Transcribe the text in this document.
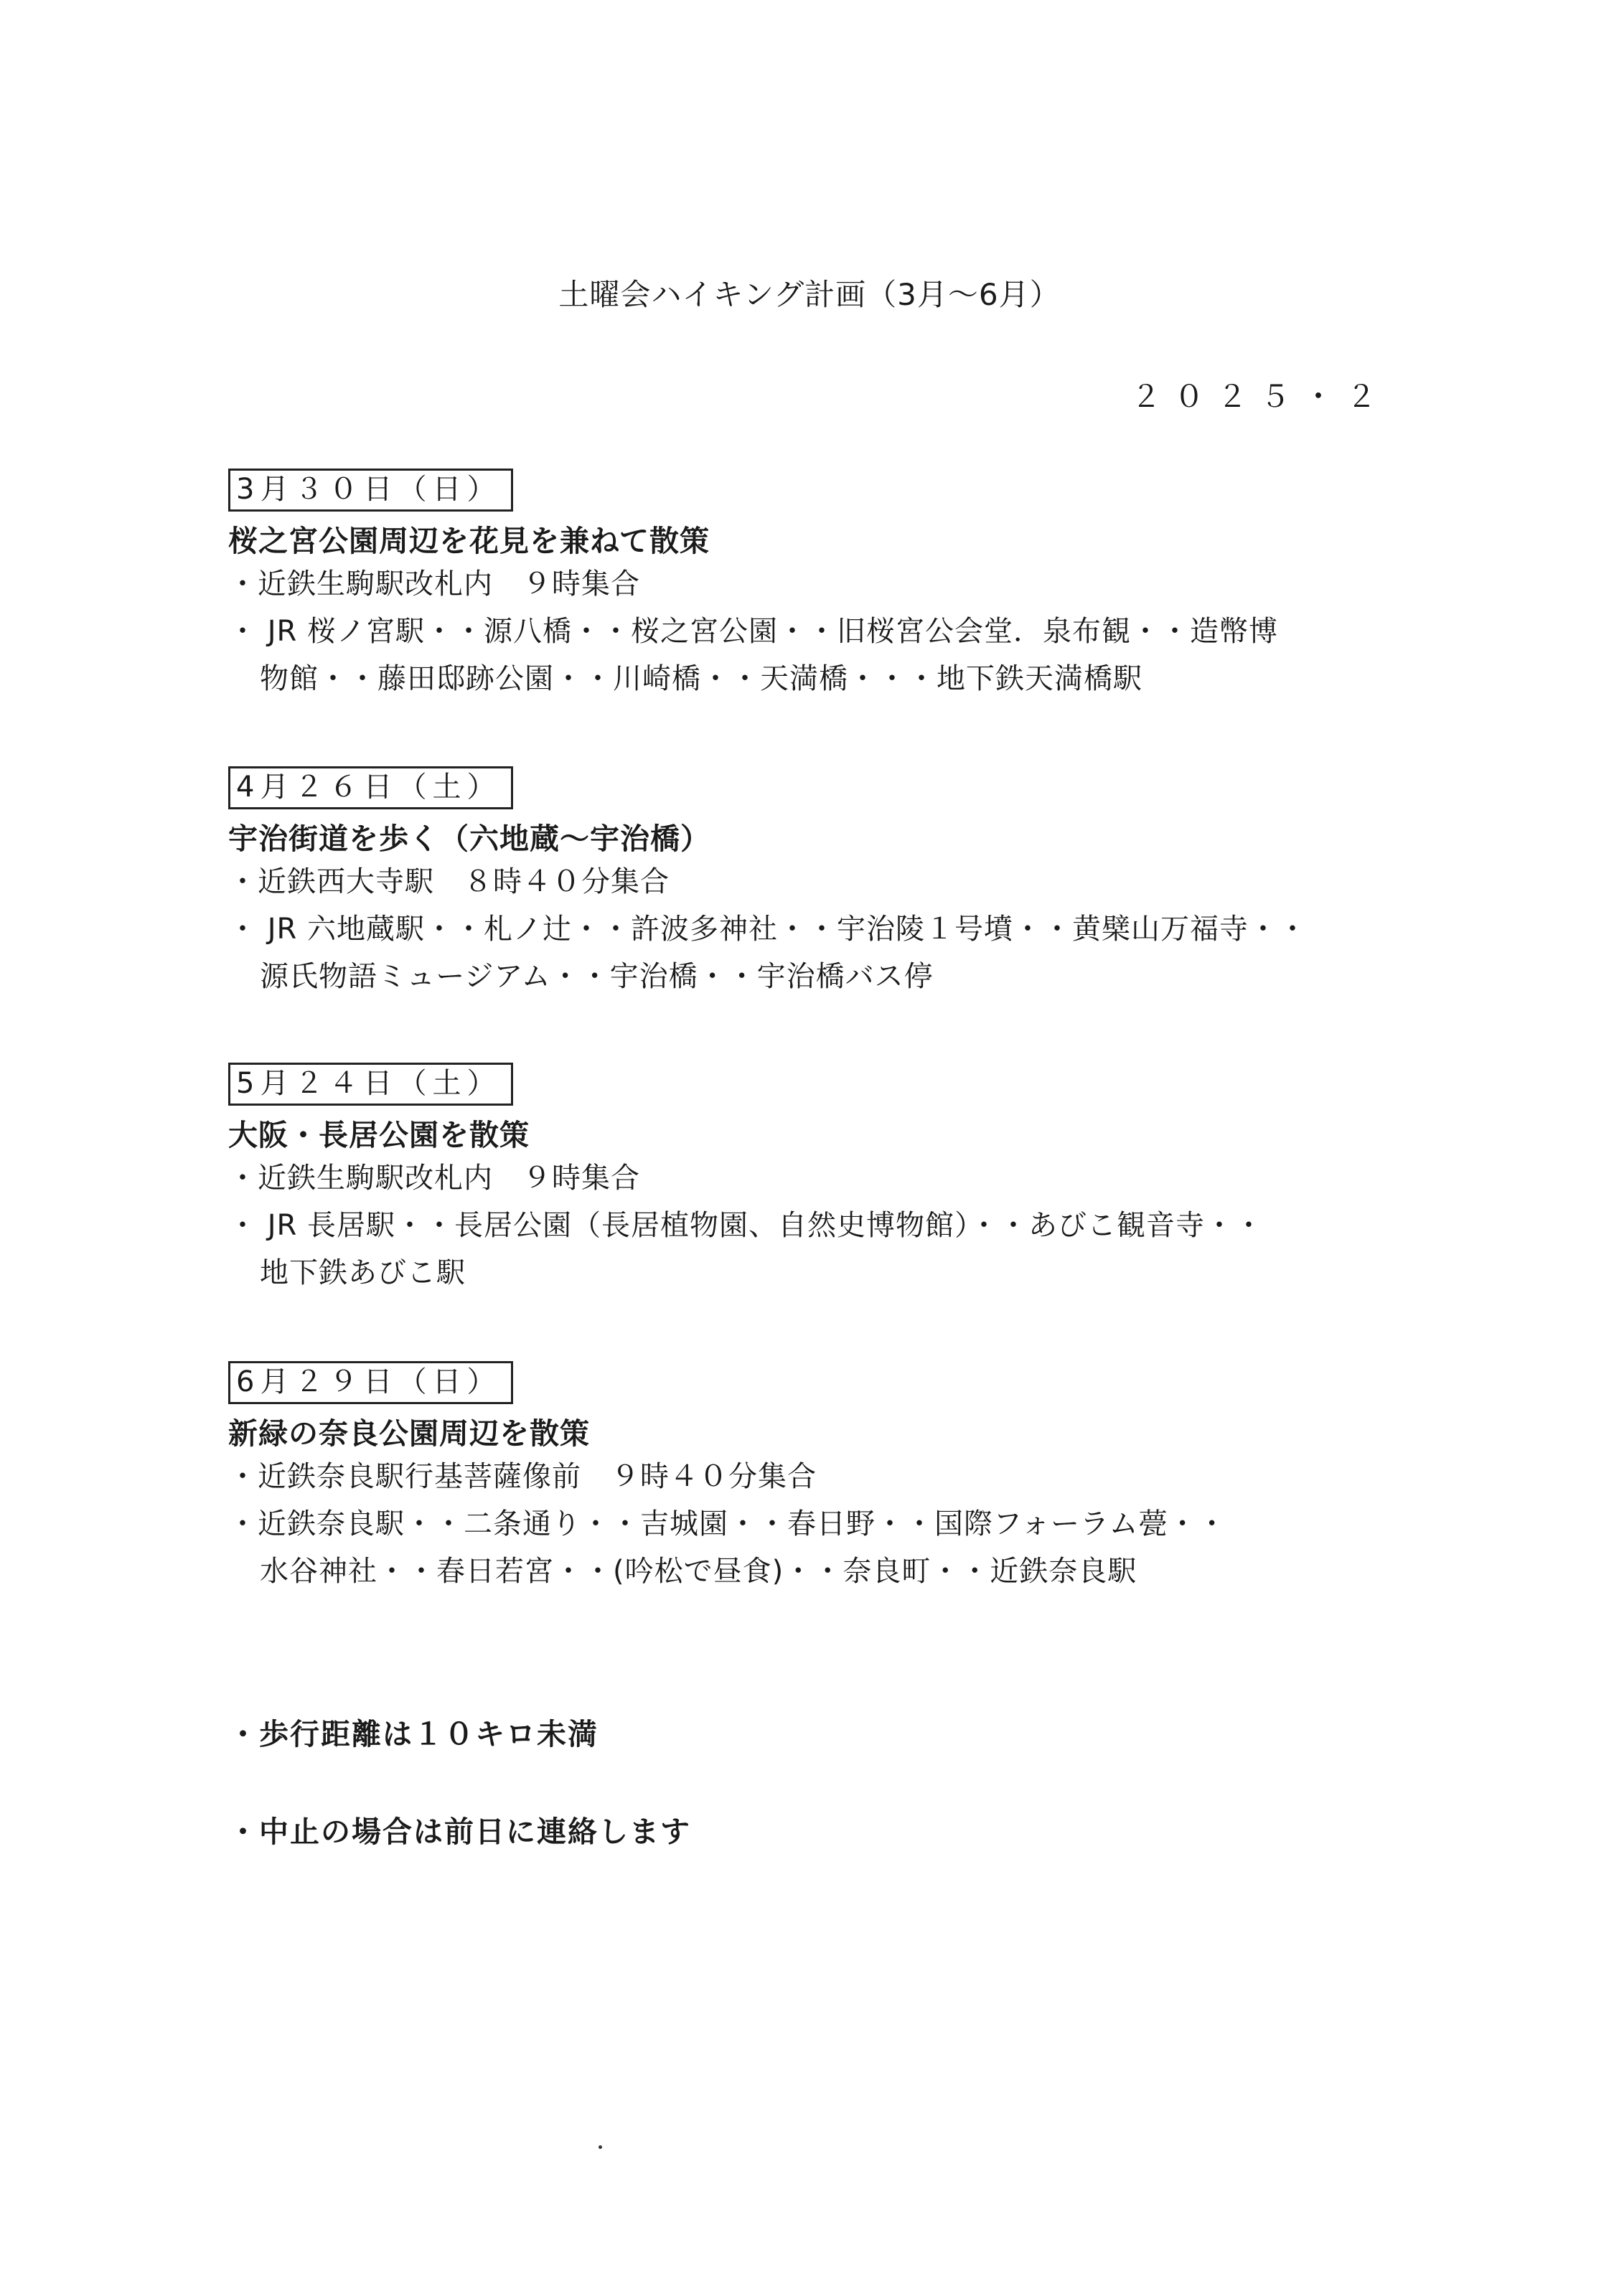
土曜会ハイキング計画（3月～6月）
２０２５・２
3月３０日（日）
桜之宮公園周辺を花見を兼ねて散策
・近鉄生駒駅改札内　９時集合
・ JR 桜ノ宮駅・・源八橋・・桜之宮公園・・旧桜宮公会堂．泉布観・・造幣博
物館・・藤田邸跡公園・・川崎橋・・天満橋・・・地下鉄天満橋駅
4月２６日（土）
宇治街道を歩く（六地蔵～宇治橋）
・近鉄西大寺駅　８時４０分集合
・ JR 六地蔵駅・・札ノ辻・・許波多神社・・宇治陵１号墳・・黄檗山万福寺・・
源氏物語ミュージアム・・宇治橋・・宇治橋バス停
5月２４日（土）
大阪・長居公園を散策
・近鉄生駒駅改札内　９時集合
・ JR 長居駅・・長居公園（長居植物園、自然史博物館）・・あびこ観音寺・・
地下鉄あびこ駅
6月２９日（日）
新緑の奈良公園周辺を散策
・近鉄奈良駅行基菩薩像前　９時４０分集合
・近鉄奈良駅・・二条通り・・吉城園・・春日野・・国際フォーラム甍・・
水谷神社・・春日若宮・・(吟松で昼食)・・奈良町・・近鉄奈良駅
・歩行距離は１０キロ未満
・中止の場合は前日に連絡します
